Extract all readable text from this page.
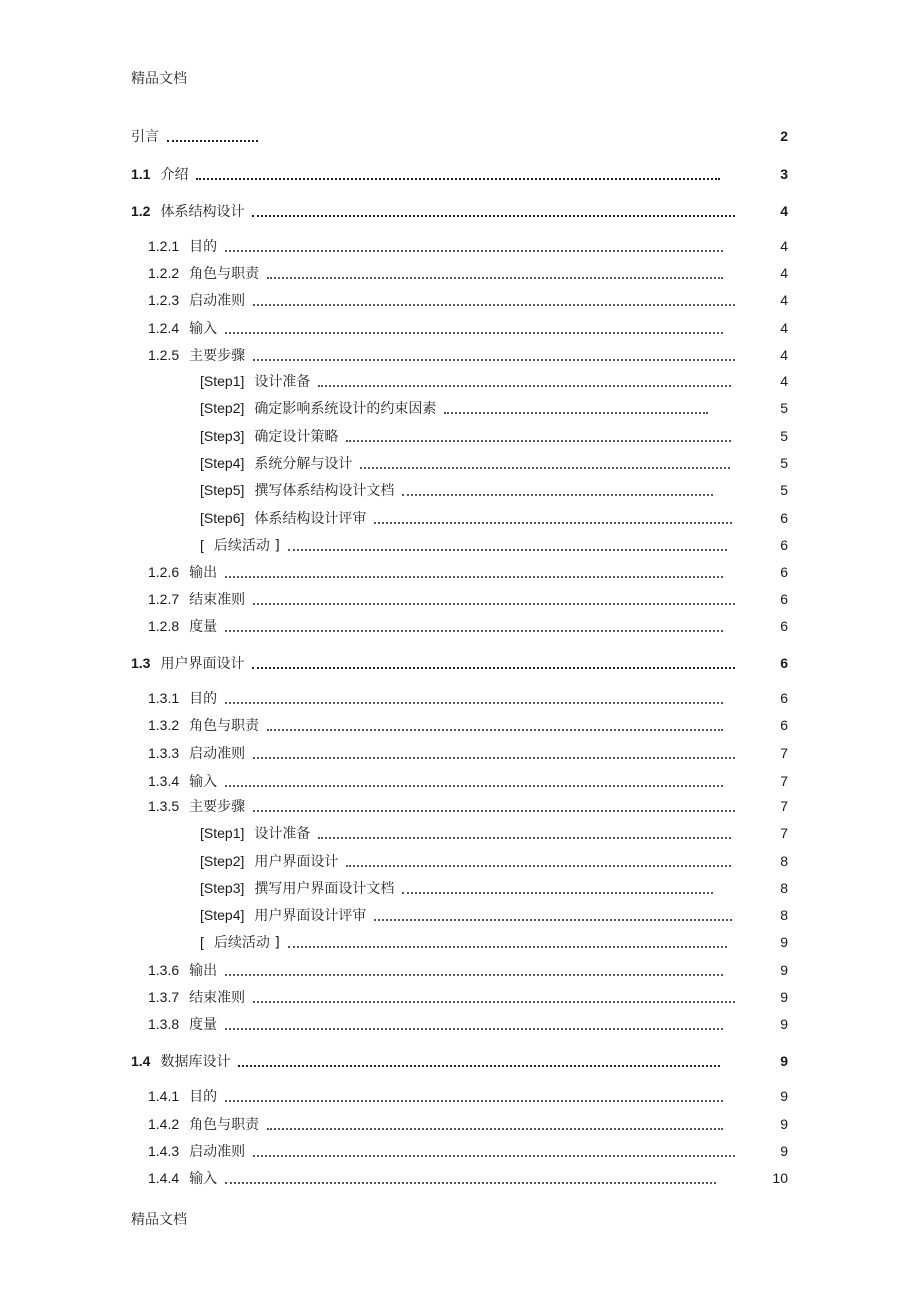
精品文档
引言	2
1.1 介绍	3
1.2 体系结构设计	4
1.2.1 目的	4
1.2.2 角色与职责	4
1.2.3 启动准则	4
1.2.4 输入	4
1.2.5 主要步骤	4
[Step1] 设计准备	4
[Step2] 确定影响系统设计的约束因素	5
[Step3] 确定设计策略	5
[Step4] 系统分解与设计	5
[Step5] 撰写体系结构设计文档	5
[Step6] 体系结构设计评审	6
[ 后续活动 ]	6
1.2.6 输出	6
1.2.7 结束准则	6
1.2.8 度量	6
1.3 用户界面设计	6
1.3.1 目的	6
1.3.2 角色与职责	6
1.3.3 启动准则	7
1.3.4 输入	7
1.3.5 主要步骤	7
[Step1] 设计准备	7
[Step2] 用户界面设计	8
[Step3] 撰写用户界面设计文档	8
[Step4] 用户界面设计评审	8
[ 后续活动 ]	9
1.3.6 输出	9
1.3.7 结束准则	9
1.3.8 度量	9
1.4 数据库设计	9
1.4.1 目的	9
1.4.2 角色与职责	9
1.4.3 启动准则	9
1.4.4 输入	10
精品文档
